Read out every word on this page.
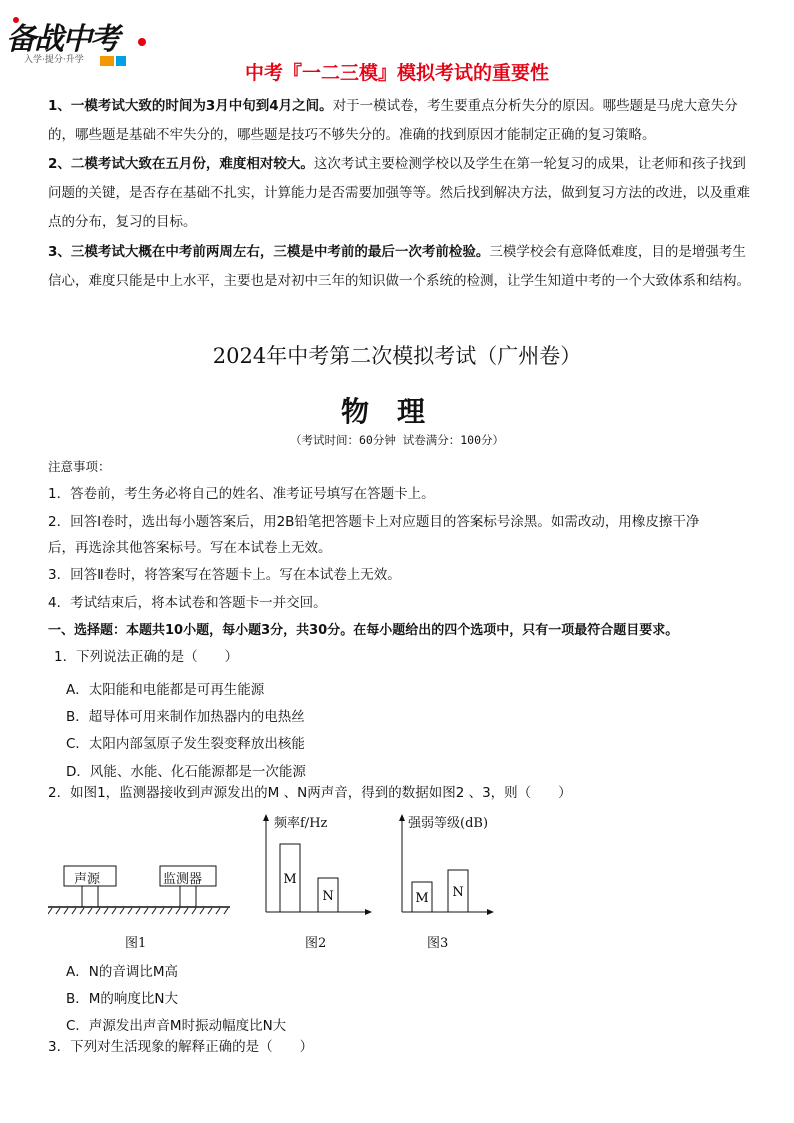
备战中考
入学·提分·升学
中考『一二三模』模拟考试的重要性
1、一模考试大致的时间为3月中旬到4月之间。对于一模试卷，考生要重点分析失分的原因。哪些题是马虎大意失分的，哪些题是基础不牢失分的，哪些题是技巧不够失分的。准确的找到原因才能制定正确的复习策略。
2、二模考试大致在五月份，难度相对较大。这次考试主要检测学校以及学生在第一轮复习的成果，让老师和孩子找到问题的关键，是否存在基础不扎实，计算能力是否需要加强等等。然后找到解决方法，做到复习方法的改进，以及重难点的分布，复习的目标。
3、三模考试大概在中考前两周左右，三模是中考前的最后一次考前检验。三模学校会有意降低难度，目的是增强考生信心，难度只能是中上水平，主要也是对初中三年的知识做一个系统的检测，让学生知道中考的一个大致体系和结构。
2024年中考第二次模拟考试（广州卷）
物理
（考试时间：60分钟 试卷满分：100分）
注意事项：
1．答卷前，考生务必将自己的姓名、准考证号填写在答题卡上。
2．回答Ⅰ卷时，选出每小题答案后，用2B铅笔把答题卡上对应题目的答案标号涂黑。如需改动，用橡皮擦干净
后，再选涂其他答案标号。写在本试卷上无效。
3．回答Ⅱ卷时，将答案写在答题卡上。写在本试卷上无效。
4．考试结束后，将本试卷和答题卡一并交回。
一、选择题：本题共10小题，每小题3分，共30分。在每小题给出的四个选项中，只有一项最符合题目要求。
1．下列说法正确的是（　　）
A．太阳能和电能都是可再生能源
B．超导体可用来制作加热器内的电热丝
C．太阳内部氢原子发生裂变释放出核能
D．风能、水能、化石能源都是一次能源
2．如图1，监测器接收到声源发出的M 、N两声音，得到的数据如图2 、3，则（　　）
声源	监测器
图1
M
N
频率f/Hz
图2
M N
强弱等级(dB)
图3
A．N的音调比M高
B．M的响度比N大
C．声源发出声音M时振动幅度比N大
3．下列对生活现象的解释正确的是（　　）
